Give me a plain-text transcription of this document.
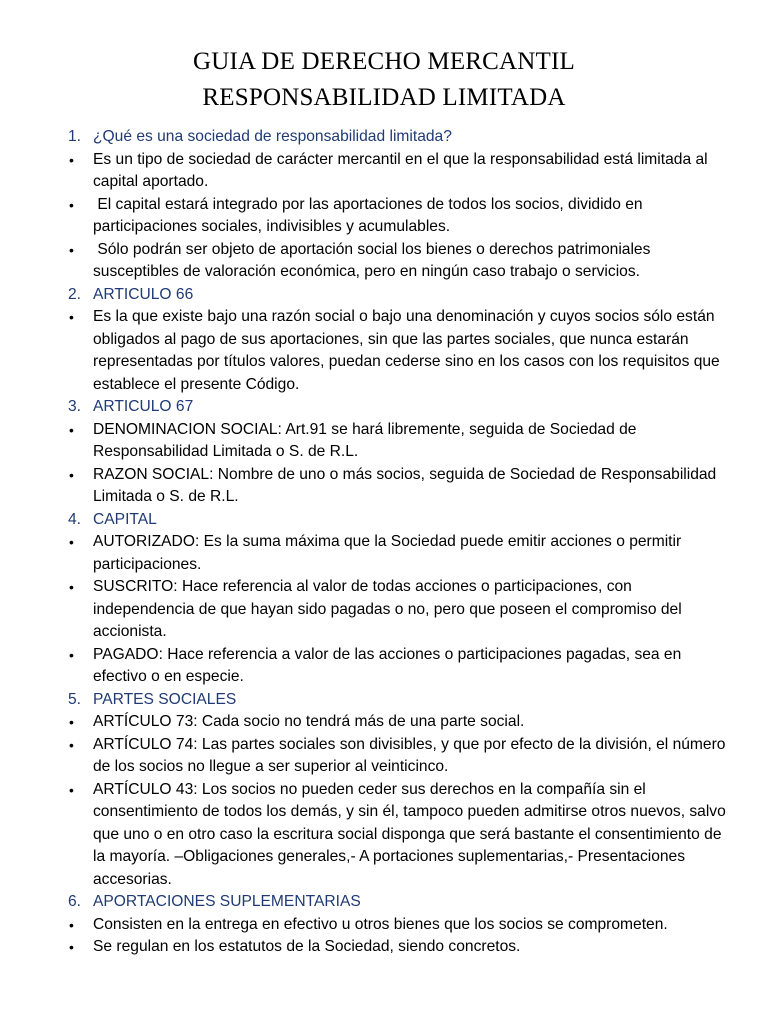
GUIA DE DERECHO MERCANTIL
RESPONSABILIDAD LIMITADA
1. ¿Qué es una sociedad de responsabilidad limitada?
• Es un tipo de sociedad de carácter mercantil en el que la responsabilidad está limitada al capital aportado.
• El capital estará integrado por las aportaciones de todos los socios, dividido en participaciones sociales, indivisibles y acumulables.
• Sólo podrán ser objeto de aportación social los bienes o derechos patrimoniales susceptibles de valoración económica, pero en ningún caso trabajo o servicios.
2. ARTICULO 66
• Es la que existe bajo una razón social o bajo una denominación y cuyos socios sólo están obligados al pago de sus aportaciones, sin que las partes sociales, que nunca estarán representadas por títulos valores, puedan cederse sino en los casos con los requisitos que establece el presente Código.
3. ARTICULO 67
• DENOMINACION SOCIAL: Art.91 se hará libremente, seguida de Sociedad de Responsabilidad Limitada o S. de R.L.
• RAZON SOCIAL: Nombre de uno o más socios, seguida de Sociedad de Responsabilidad Limitada o S. de R.L.
4. CAPITAL
• AUTORIZADO: Es la suma máxima que la Sociedad puede emitir acciones o permitir participaciones.
• SUSCRITO: Hace referencia al valor de todas acciones o participaciones, con independencia de que hayan sido pagadas o no, pero que poseen el compromiso del accionista.
• PAGADO: Hace referencia a valor de las acciones o participaciones pagadas, sea en efectivo o en especie.
5. PARTES SOCIALES
• ARTÍCULO 73: Cada socio no tendrá más de una parte social.
• ARTÍCULO 74: Las partes sociales son divisibles, y que por efecto de la división, el número de los socios no llegue a ser superior al veinticinco.
• ARTÍCULO 43: Los socios no pueden ceder sus derechos en la compañía sin el consentimiento de todos los demás, y sin él, tampoco pueden admitirse otros nuevos, salvo que uno o en otro caso la escritura social disponga que será bastante el consentimiento de la mayoría. –Obligaciones generales,- A portaciones suplementarias,- Presentaciones accesorias.
6. APORTACIONES SUPLEMENTARIAS
• Consisten en la entrega en efectivo u otros bienes que los socios se comprometen.
• Se regulan en los estatutos de la Sociedad, siendo concretos.
